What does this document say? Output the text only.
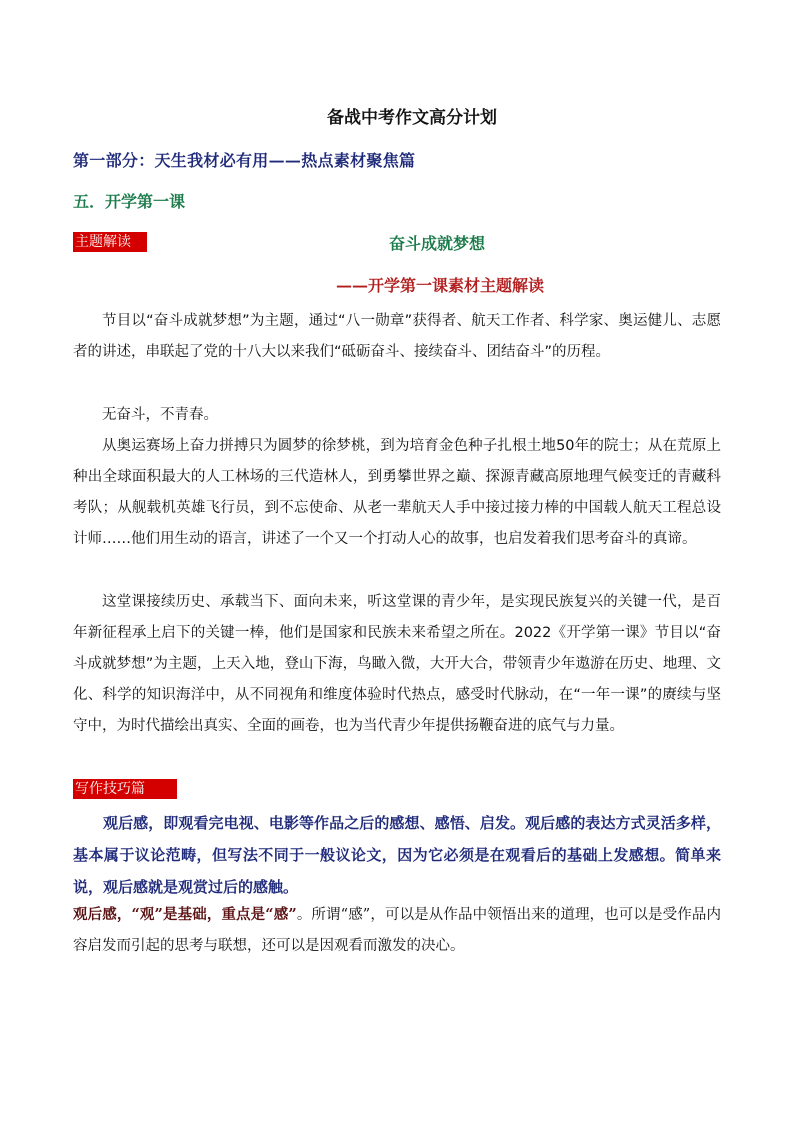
备战中考作文高分计划
第一部分：天生我材必有用——热点素材聚焦篇
五．开学第一课
主题解读	奋斗成就梦想
——开学第一课素材主题解读

节目以“奋斗成就梦想”为主题，通过“八一勋章”获得者、航天工作者、科学家、奥运健儿、志愿者的讲述，串联起了党的十八大以来我们“砥砺奋斗、接续奋斗、团结奋斗”的历程。

无奋斗，不青春。

从奥运赛场上奋力拼搏只为圆梦的徐梦桃，到为培育金色种子扎根土地50年的院士；从在荒原上种出全球面积最大的人工林场的三代造林人，到勇攀世界之巅、探源青藏高原地理气候变迁的青藏科考队；从舰载机英雄飞行员，到不忘使命、从老一辈航天人手中接过接力棒的中国载人航天工程总设计师……他们用生动的语言，讲述了一个又一个打动人心的故事，也启发着我们思考奋斗的真谛。

这堂课接续历史、承载当下、面向未来，听这堂课的青少年，是实现民族复兴的关键一代，是百年新征程承上启下的关键一棒，他们是国家和民族未来希望之所在。2022《开学第一课》节目以“奋斗成就梦想”为主题，上天入地，登山下海，鸟瞰入微，大开大合，带领青少年遨游在历史、地理、文化、科学的知识海洋中，从不同视角和维度体验时代热点，感受时代脉动，在“一年一课”的赓续与坚守中，为时代描绘出真实、全面的画卷，也为当代青少年提供扬鞭奋进的底气与力量。

写作技巧篇

观后感，即观看完电视、电影等作品之后的感想、感悟、启发。观后感的表达方式灵活多样，基本属于议论范畴，但写法不同于一般议论文，因为它必须是在观看后的基础上发感想。简单来说，观后感就是观赏过后的感触。

观后感，“观”是基础，重点是“感”。所谓“感”，可以是从作品中领悟出来的道理，也可以是受作品内容启发而引起的思考与联想，还可以是因观看而激发的决心。
